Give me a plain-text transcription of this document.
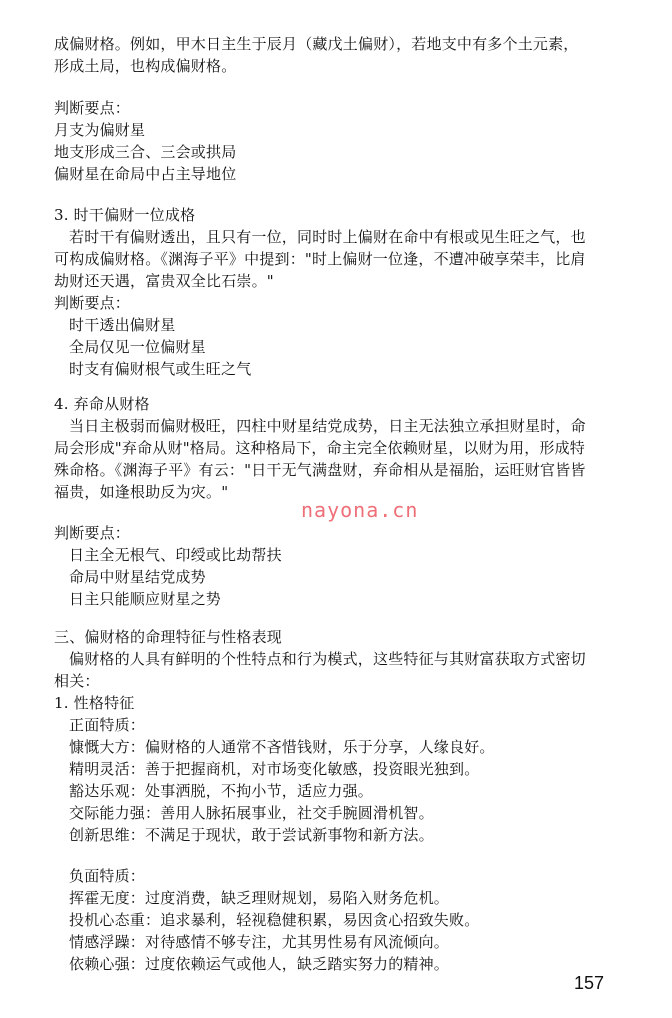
成偏财格。例如，甲木日主生于辰月（藏戊土偏财），若地支中有多个土元素，
形成土局，也构成偏财格。
判断要点：
月支为偏财星
地支形成三合、三会或拱局
偏财星在命局中占主导地位
3. 时干偏财一位成格
若时干有偏财透出，且只有一位，同时时上偏财在命中有根或见生旺之气，也
可构成偏财格。《渊海子平》中提到："时上偏财一位逢，不遭冲破享荣丰，比肩
劫财还天遇，富贵双全比石崇。"
判断要点：
时干透出偏财星
全局仅见一位偏财星
时支有偏财根气或生旺之气
4. 弃命从财格
当日主极弱而偏财极旺，四柱中财星结党成势，日主无法独立承担财星时，命
局会形成"弃命从财"格局。这种格局下，命主完全依赖财星，以财为用，形成特
殊命格。《渊海子平》有云："日干无气满盘财，弃命相从是福胎，运旺财官皆皆
福贵，如逢根助反为灾。"
判断要点：
日主全无根气、印绶或比劫帮扶
命局中财星结党成势
日主只能顺应财星之势
三、偏财格的命理特征与性格表现
偏财格的人具有鲜明的个性特点和行为模式，这些特征与其财富获取方式密切
相关：
1. 性格特征
正面特质：
慷慨大方：偏财格的人通常不吝惜钱财，乐于分享，人缘良好。
精明灵活：善于把握商机，对市场变化敏感，投资眼光独到。
豁达乐观：处事洒脱，不拘小节，适应力强。
交际能力强：善用人脉拓展事业，社交手腕圆滑机智。
创新思维：不满足于现状，敢于尝试新事物和新方法。
负面特质：
挥霍无度：过度消费，缺乏理财规划，易陷入财务危机。
投机心态重：追求暴利，轻视稳健积累，易因贪心招致失败。
情感浮躁：对待感情不够专注，尤其男性易有风流倾向。
依赖心强：过度依赖运气或他人，缺乏踏实努力的精神。
nayona.cn
157
